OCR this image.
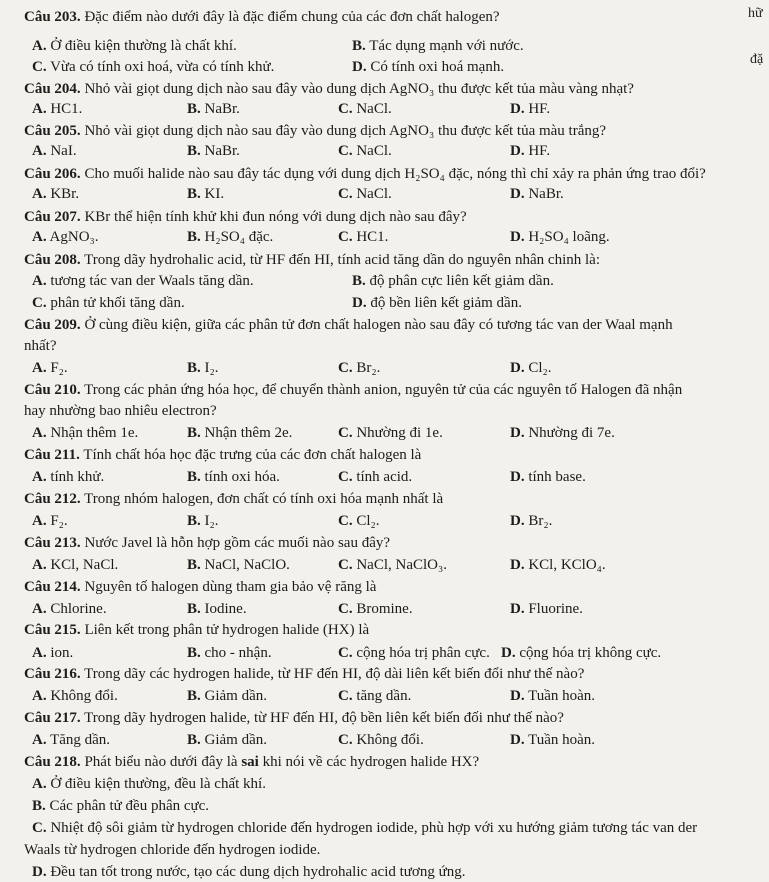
hữ
đặ
Câu 203. Đặc điểm nào dưới đây là đặc điểm chung của các đơn chất halogen?
A. Ở điều kiện thường là chất khí.	B. Tác dụng mạnh với nước.
C. Vừa có tính oxi hoá, vừa có tính khử.	D. Có tính oxi hoá mạnh.
Câu 204. Nhỏ vài giọt dung dịch nào sau đây vào dung dịch AgNO₃ thu được kết tủa màu vàng nhạt?
A. HC1.	B. NaBr.	C. NaCl.	D. HF.
Câu 205. Nhỏ vài giọt dung dịch nào sau đây vào dung dịch AgNO₃ thu được kết tủa màu trắng?
A. NaI.	B. NaBr.	C. NaCl.	D. HF.
Câu 206. Cho muối halide nào sau đây tác dụng với dung dịch H₂SO₄ đặc, nóng thì chỉ xảy ra phản ứng trao đổi?
A. KBr.	B. KI.	C. NaCl.	D. NaBr.
Câu 207. KBr thể hiện tính khử khi đun nóng với dung dịch nào sau đây?
A. AgNO₃.	B. H₂SO₄ đặc.	C. HC1.	D. H₂SO₄ loãng.
Câu 208. Trong dãy hydrohalic acid, từ HF đến HI, tính acid tăng dần do nguyên nhân chinh là:
A. tương tác van der Waals tăng dần.	B. độ phân cực liên kết giảm dần.
C. phân tử khối tăng dần.	D. độ bền liên kết giảm dần.
Câu 209. Ở cùng điều kiện, giữa các phân tử đơn chất halogen nào sau đây có tương tác van der Waal mạnh
nhất?
A. F₂.	B. I₂.	C. Br₂.	D. Cl₂.
Câu 210. Trong các phản ứng hóa học, để chuyển thành anion, nguyên tử của các nguyên tố Halogen đã nhận
hay nhường bao nhiêu electron?
A. Nhận thêm 1e.	B. Nhận thêm 2e.	C. Nhường đi 1e.	D. Nhường đi 7e.
Câu 211. Tính chất hóa học đặc trưng của các đơn chất halogen là
A. tính khử.	B. tính oxi hóa.	C. tính acid.	D. tính base.
Câu 212. Trong nhóm halogen, đơn chất có tính oxi hóa mạnh nhất là
A. F₂.	B. I₂.	C. Cl₂.	D. Br₂.
Câu 213. Nước Javel là hỗn hợp gồm các muối nào sau đây?
A. KCl, NaCl.	B. NaCl, NaClO.	C. NaCl, NaClO₃.	D. KCl, KClO₄.
Câu 214. Nguyên tố halogen dùng tham gia bảo vệ răng là
A. Chlorine.	B. Iodine.	C. Bromine.	D. Fluorine.
Câu 215. Liên kết trong phân tử hydrogen halide (HX) là
A. ion.	B. cho - nhận.	C. cộng hóa trị phân cực. D. cộng hóa trị không cực.
Câu 216. Trong dãy các hydrogen halide, từ HF đến HI, độ dài liên kết biến đổi như thế nào?
A. Không đổi.	B. Giảm dần.	C. tăng dần.	D. Tuần hoàn.
Câu 217. Trong dãy hydrogen halide, từ HF đến HI, độ bền liên kết biến đối như thế nào?
A. Tăng dần.	B. Giảm dần.	C. Không đổi.	D. Tuần hoàn.
Câu 218. Phát biểu nào dưới đây là sai khi nói về các hydrogen halide HX?
A. Ở điều kiện thường, đều là chất khí.
B. Các phân tử đều phân cực.
C. Nhiệt độ sôi giảm từ hydrogen chloride đến hydrogen iodide, phù hợp với xu hướng giảm tương tác van der
Waals từ hydrogen chloride đến hydrogen iodide.
D. Đều tan tốt trong nước, tạo các dung dịch hydrohalic acid tương ứng.
